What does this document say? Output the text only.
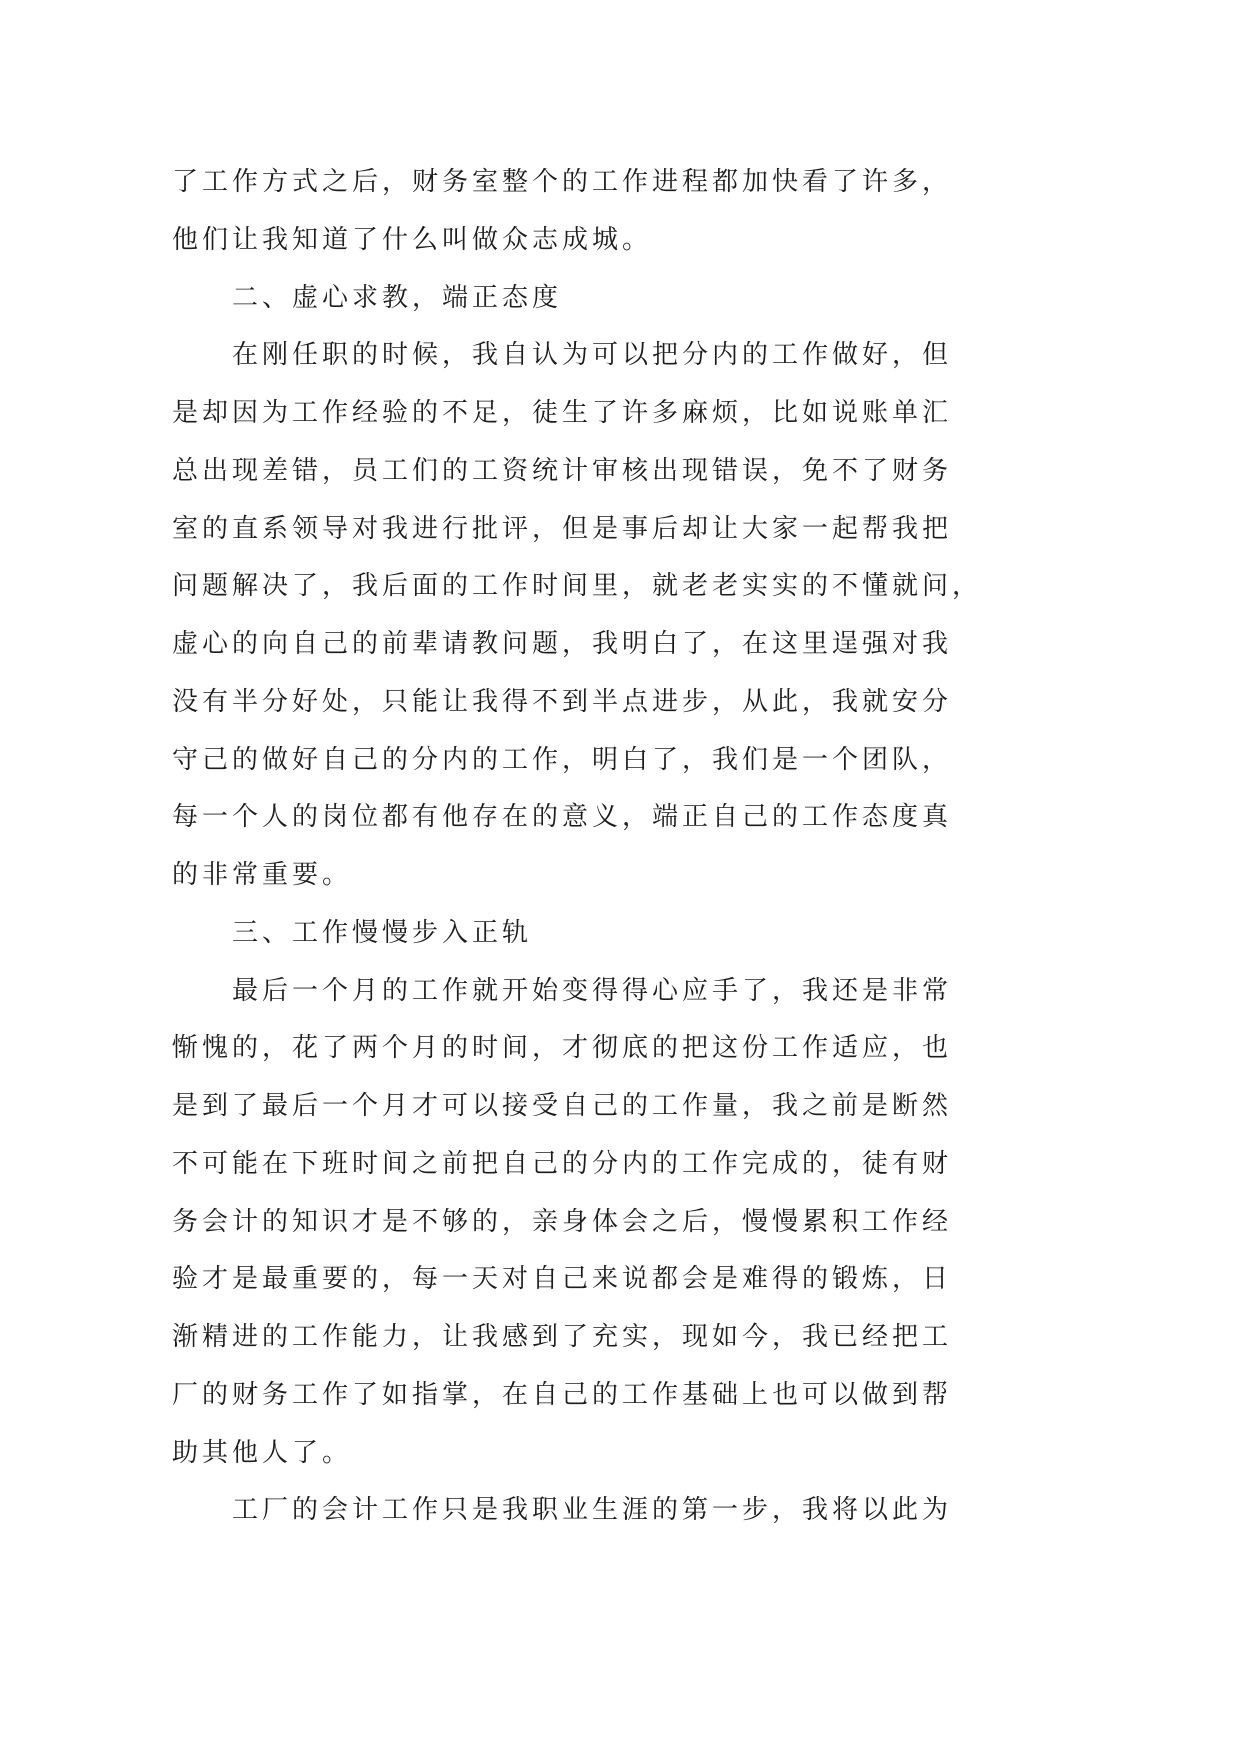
了工作方式之后，财务室整个的工作进程都加快看了许多，
他们让我知道了什么叫做众志成城。
二、虚心求教，端正态度
在刚任职的时候，我自认为可以把分内的工作做好，但
是却因为工作经验的不足，徒生了许多麻烦，比如说账单汇
总出现差错，员工们的工资统计审核出现错误，免不了财务
室的直系领导对我进行批评，但是事后却让大家一起帮我把
问题解决了，我后面的工作时间里，就老老实实的不懂就问，
虚心的向自己的前辈请教问题，我明白了，在这里逞强对我
没有半分好处，只能让我得不到半点进步，从此，我就安分
守己的做好自己的分内的工作，明白了，我们是一个团队，
每一个人的岗位都有他存在的意义，端正自己的工作态度真
的非常重要。
三、工作慢慢步入正轨
最后一个月的工作就开始变得得心应手了，我还是非常
惭愧的，花了两个月的时间，才彻底的把这份工作适应，也
是到了最后一个月才可以接受自己的工作量，我之前是断然
不可能在下班时间之前把自己的分内的工作完成的，徒有财
务会计的知识才是不够的，亲身体会之后，慢慢累积工作经
验才是最重要的，每一天对自己来说都会是难得的锻炼，日
渐精进的工作能力，让我感到了充实，现如今，我已经把工
厂的财务工作了如指掌，在自己的工作基础上也可以做到帮
助其他人了。
工厂的会计工作只是我职业生涯的第一步，我将以此为
